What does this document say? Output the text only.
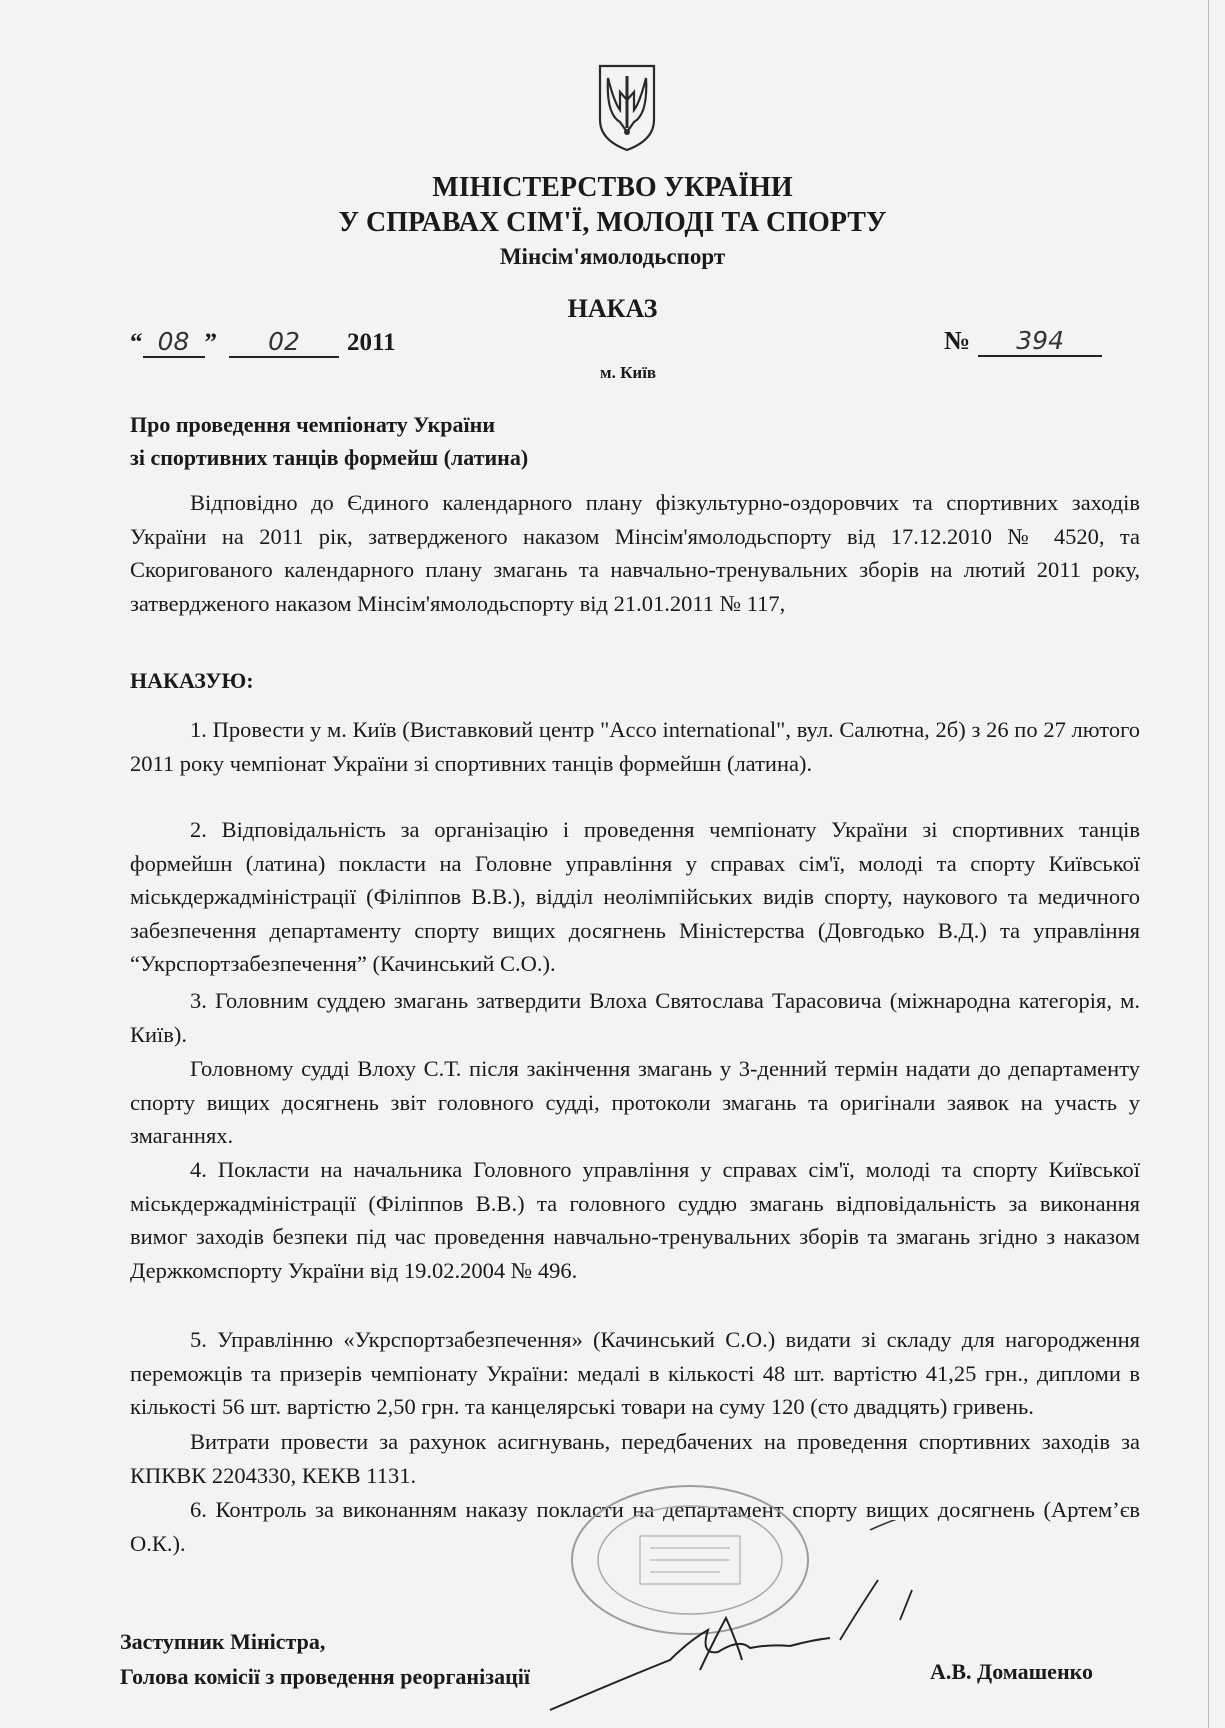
МІНІСТЕРСТВО УКРАЇНИ
У СПРАВАХ СІМ'Ї, МОЛОДІ ТА СПОРТУ
Мінсім'ямолодьспорт
НАКАЗ
“ 08 ” 02 2011	№ 394
м. Київ
Про проведення чемпіонату України
зі спортивних танців формейш (латина)

Відповідно до Єдиного календарного плану фізкультурно-оздоровчих та спортивних заходів України на 2011 рік, затвердженого наказом Мінсім'ямолодьспорту від 17.12.2010 № 4520, та Скоригованого календарного плану змагань та навчально-тренувальних зборів на лютий 2011 року, затвердженого наказом Мінсім'ямолодьспорту від 21.01.2011 № 117,

НАКАЗУЮ:

1. Провести у м. Київ (Виставковий центр "Acco international", вул. Салютна, 2б) з 26 по 27 лютого 2011 року чемпіонат України зі спортивних танців формейшн (латина).

2. Відповідальність за організацію і проведення чемпіонату України зі спортивних танців формейшн (латина) покласти на Головне управління у справах сім'ї, молоді та спорту Київської міськдержадміністрації (Філіппов В.В.), відділ неолімпійських видів спорту, наукового та медичного забезпечення департаменту спорту вищих досягнень Міністерства (Довгодько В.Д.) та управління “Укрспортзабезпечення” (Качинський С.О.).

3. Головним суддею змагань затвердити Влоха Святослава Тарасовича (міжнародна категорія, м. Київ).

Головному судді Влоху С.Т. після закінчення змагань у 3-денний термін надати до департаменту спорту вищих досягнень звіт головного судді, протоколи змагань та оригінали заявок на участь у змаганнях.

4. Покласти на начальника Головного управління у справах сім'ї, молоді та спорту Київської міськдержадміністрації (Філіппов В.В.) та головного суддю змагань відповідальність за виконання вимог заходів безпеки під час проведення навчально-тренувальних зборів та змагань згідно з наказом Держкомспорту України від 19.02.2004 № 496.

5. Управлінню «Укрспортзабезпечення» (Качинський С.О.) видати зі складу для нагородження переможців та призерів чемпіонату України: медалі в кількості 48 шт. вартістю 41,25 грн., дипломи в кількості 56 шт. вартістю 2,50 грн. та канцелярські товари на суму 120 (сто двадцять) гривень.

Витрати провести за рахунок асигнувань, передбачених на проведення спортивних заходів за КПКВК 2204330, КЕКВ 1131.

6. Контроль за виконанням наказу покласти на департамент спорту вищих досягнень (Артем’єв О.К.).

Заступник Міністра,
Голова комісії з проведення реорганізації	А.В. Домашенко
